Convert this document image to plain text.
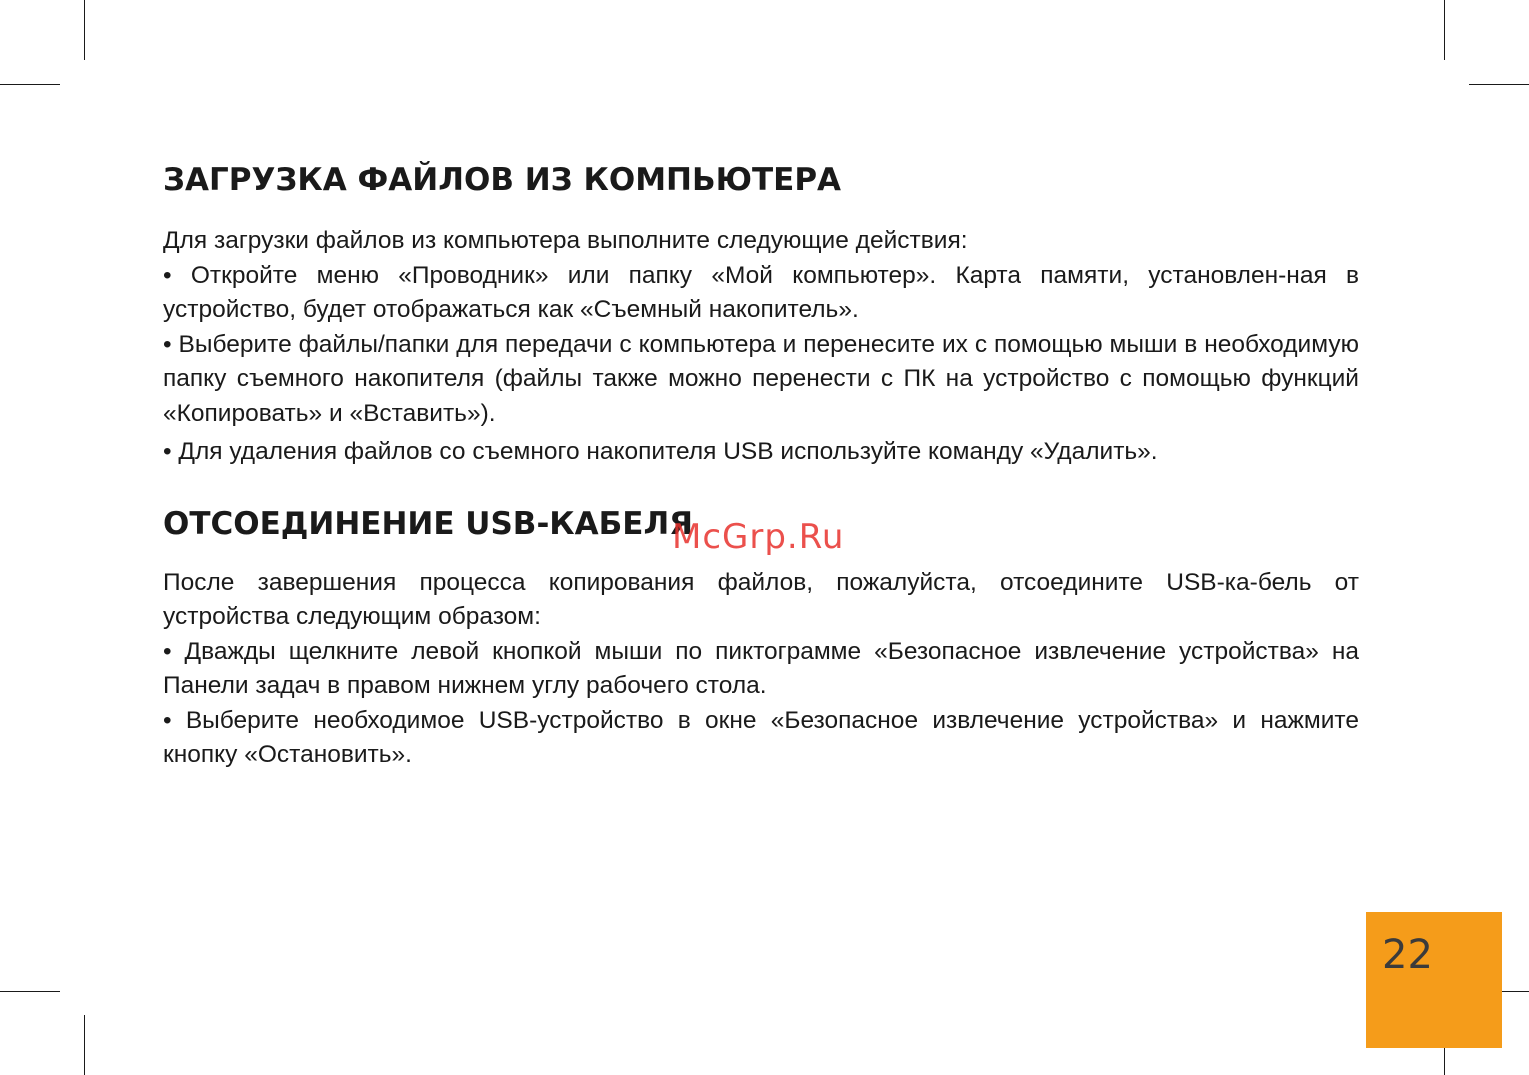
ЗАГРУЗКА ФАЙЛОВ ИЗ КОМПЬЮТЕРА
Для загрузки файлов из компьютера выполните следующие действия:
• Откройте меню «Проводник» или папку «Мой компьютер». Карта памяти, установлен-ная в устройство, будет отображаться как «Съемный накопитель».
• Выберите файлы/папки для передачи с компьютера и перенесите их с помощью мыши в необходимую папку съемного накопителя (файлы также можно перенести с ПК на устройство с помощью функций «Копировать» и «Вставить»).
• Для удаления файлов со съемного накопителя USB используйте команду «Удалить».
ОТСОЕДИНЕНИЕ USB-КАБЕЛЯ
После завершения процесса копирования файлов, пожалуйста, отсоедините USB-ка-бель от устройства следующим образом:
• Дважды щелкните левой кнопкой мыши по пиктограмме «Безопасное извлечение устройства» на Панели задач в правом нижнем углу рабочего стола.
• Выберите необходимое USB-устройство в окне «Безопасное извлечение устройства» и нажмите кнопку «Остановить».
McGrp.Ru
22
